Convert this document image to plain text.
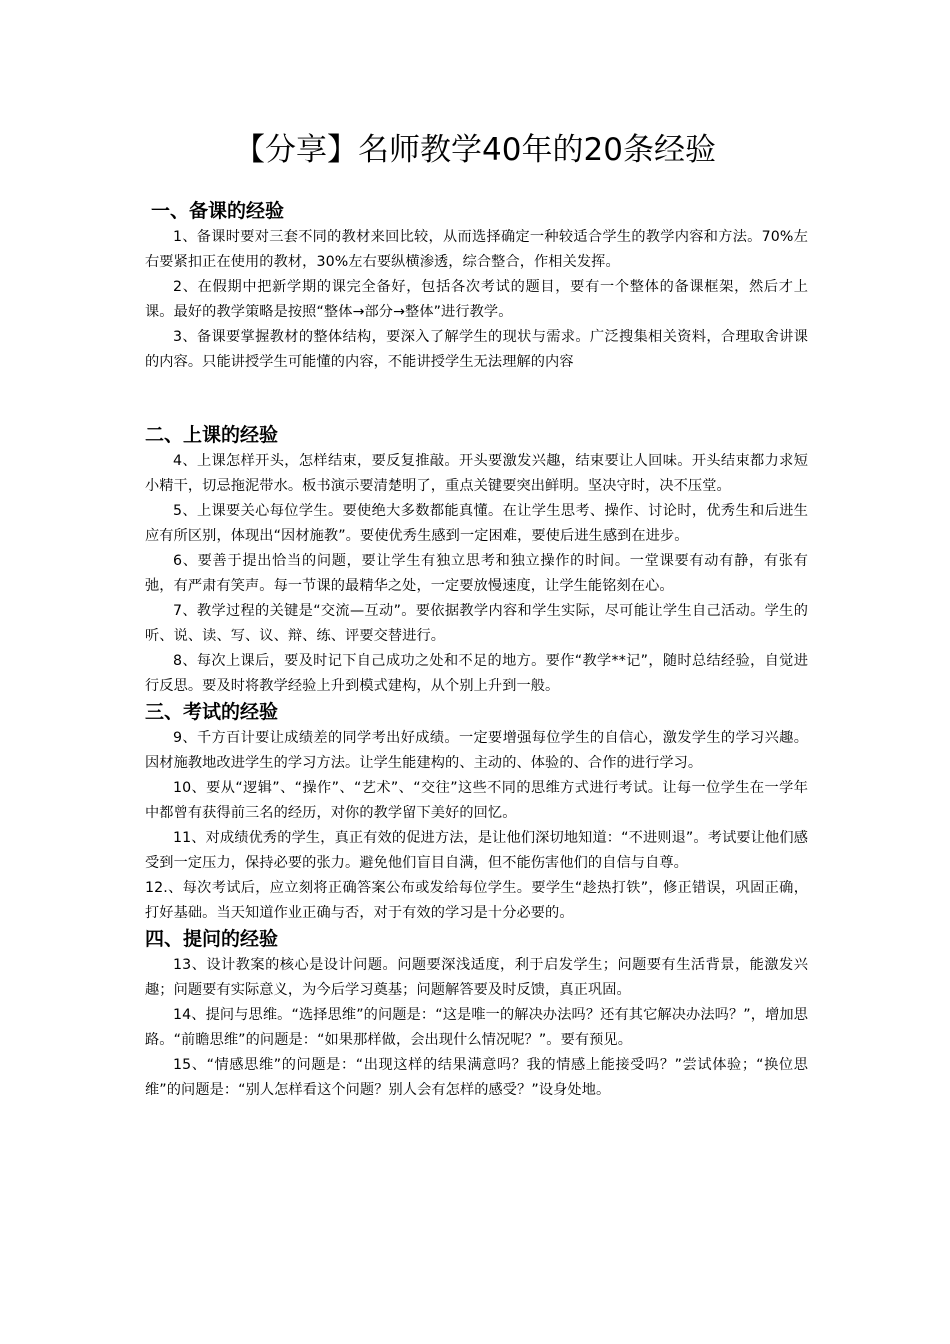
【分享】名师教学40年的20条经验
一、备课的经验

1、备课时要对三套不同的教材来回比较，从而选择确定一种较适合学生的教学内容和方法。70%左右要紧扣正在使用的教材，30%左右要纵横渗透，综合整合，作相关发挥。

2、在假期中把新学期的课完全备好，包括各次考试的题目，要有一个整体的备课框架，然后才上课。最好的教学策略是按照“整体→部分→整体”进行教学。

3、备课要掌握教材的整体结构，要深入了解学生的现状与需求。广泛搜集相关资料，合理取舍讲课的内容。只能讲授学生可能懂的内容，不能讲授学生无法理解的内容

二、上课的经验

4、上课怎样开头，怎样结束，要反复推敲。开头要激发兴趣，结束要让人回味。开头结束都力求短小精干，切忌拖泥带水。板书演示要清楚明了，重点关键要突出鲜明。坚决守时，决不压堂。

5、上课要关心每位学生。要使绝大多数都能真懂。在让学生思考、操作、讨论时，优秀生和后进生应有所区别，体现出“因材施教”。要使优秀生感到一定困难，要使后进生感到在进步。

6、要善于提出恰当的问题，要让学生有独立思考和独立操作的时间。一堂课要有动有静，有张有弛，有严肃有笑声。每一节课的最精华之处，一定要放慢速度，让学生能铭刻在心。

7、教学过程的关键是“交流—互动”。要依据教学内容和学生实际，尽可能让学生自己活动。学生的听、说、读、写、议、辩、练、评要交替进行。

8、每次上课后，要及时记下自己成功之处和不足的地方。要作“教学**记”，随时总结经验，自觉进行反思。要及时将教学经验上升到模式建构，从个别上升到一般。

三、考试的经验

9、千方百计要让成绩差的同学考出好成绩。一定要增强每位学生的自信心，激发学生的学习兴趣。因材施教地改进学生的学习方法。让学生能建构的、主动的、体验的、合作的进行学习。

10、要从“逻辑”、“操作”、“艺术”、“交往”这些不同的思维方式进行考试。让每一位学生在一学年中都曾有获得前三名的经历，对你的教学留下美好的回忆。

11、对成绩优秀的学生，真正有效的促进方法，是让他们深切地知道：“不进则退”。考试要让他们感受到一定压力，保持必要的张力。避免他们盲目自满，但不能伤害他们的自信与自尊。

12.、每次考试后，应立刻将正确答案公布或发给每位学生。要学生“趁热打铁”，修正错误，巩固正确，打好基础。当天知道作业正确与否，对于有效的学习是十分必要的。

四、提问的经验

13、设计教案的核心是设计问题。问题要深浅适度，利于启发学生；问题要有生活背景，能激发兴趣；问题要有实际意义，为今后学习奠基；问题解答要及时反馈，真正巩固。

14、提问与思维。“选择思维”的问题是：“这是唯一的解决办法吗？还有其它解决办法吗？”，增加思路。“前瞻思维”的问题是：“如果那样做，会出现什么情况呢？”。要有预见。

15、“情感思维”的问题是：“出现这样的结果满意吗？我的情感上能接受吗？”尝试体验；“换位思维”的问题是：“别人怎样看这个问题？别人会有怎样的感受？”设身处地。
